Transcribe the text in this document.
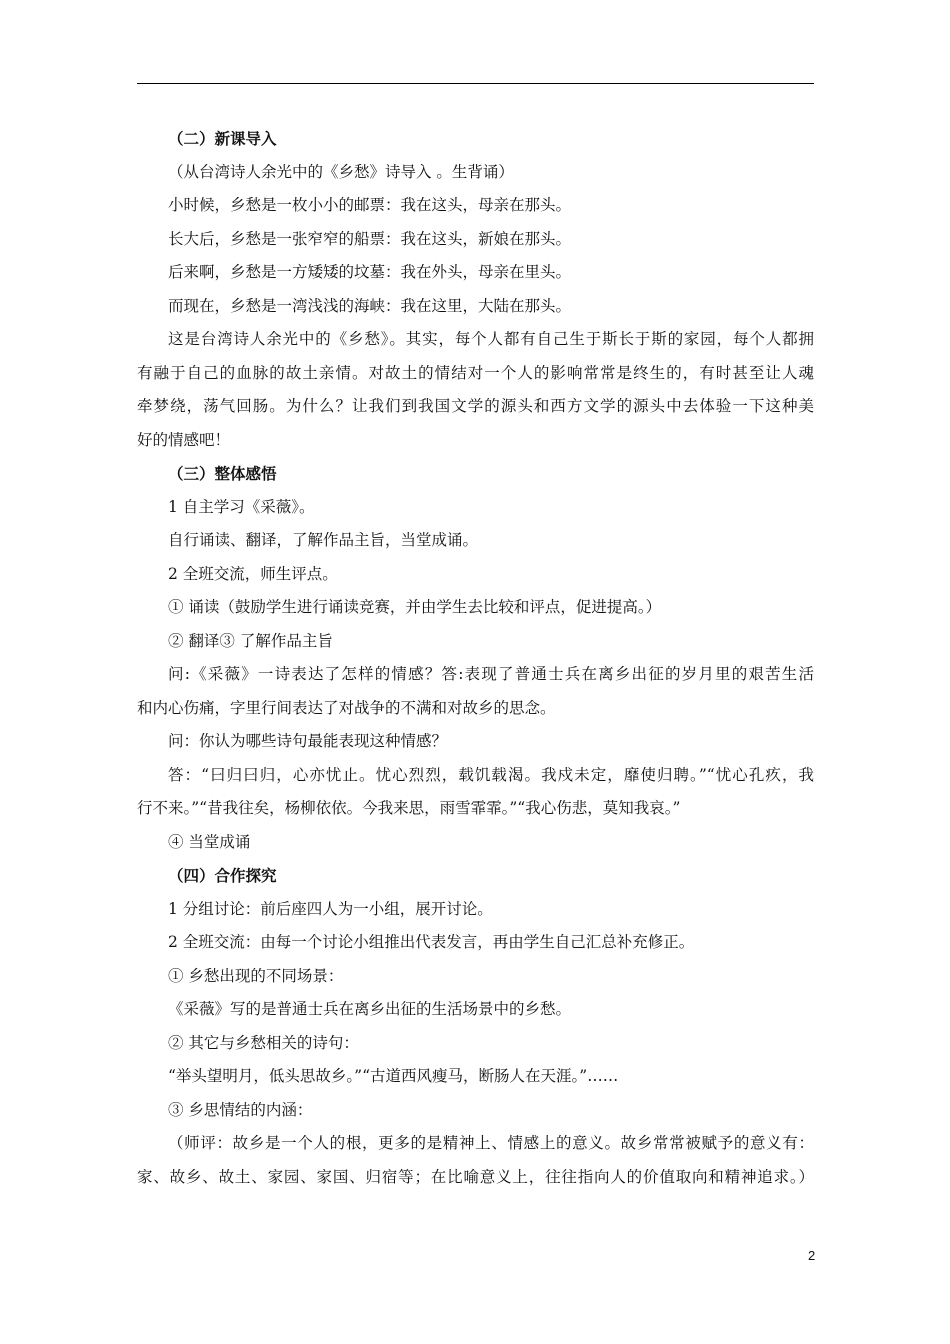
（二）新课导入
（从台湾诗人余光中的《乡愁》诗导入 。生背诵）
小时候，乡愁是一枚小小的邮票：我在这头，母亲在那头。
长大后，乡愁是一张窄窄的船票：我在这头，新娘在那头。
后来啊，乡愁是一方矮矮的坟墓：我在外头，母亲在里头。
而现在，乡愁是一湾浅浅的海峡：我在这里，大陆在那头。
这是台湾诗人余光中的《乡愁》。其实，每个人都有自己生于斯长于斯的家园，每个人都拥
有融于自己的血脉的故土亲情。对故土的情结对一个人的影响常常是终生的，有时甚至让人魂
牵梦绕，荡气回肠。为什么？让我们到我国文学的源头和西方文学的源头中去体验一下这种美
好的情感吧！
（三）整体感悟
1 自主学习《采薇》。
自行诵读、翻译，了解作品主旨，当堂成诵。
2 全班交流，师生评点。
① 诵读（鼓励学生进行诵读竞赛，并由学生去比较和评点，促进提高。）
② 翻译③ 了解作品主旨
问:《采薇》一诗表达了怎样的情感？答:表现了普通士兵在离乡出征的岁月里的艰苦生活
和内心伤痛，字里行间表达了对战争的不满和对故乡的思念。
问：你认为哪些诗句最能表现这种情感？
答：“曰归曰归，心亦忧止。忧心烈烈，载饥载渴。我戍未定，靡使归聘。”“忧心孔疚，我
行不来。”“昔我往矣，杨柳依依。今我来思，雨雪霏霏。”“我心伤悲，莫知我哀。”
④ 当堂成诵
（四）合作探究
1 分组讨论：前后座四人为一小组，展开讨论。
2 全班交流：由每一个讨论小组推出代表发言，再由学生自己汇总补充修正。
① 乡愁出现的不同场景：
《采薇》写的是普通士兵在离乡出征的生活场景中的乡愁。
② 其它与乡愁相关的诗句：
“举头望明月，低头思故乡。”“古道西风瘦马，断肠人在天涯。”……
③ 乡思情结的内涵：
（师评：故乡是一个人的根，更多的是精神上、情感上的意义。故乡常常被赋予的意义有：
家、故乡、故土、家园、家国、归宿等；在比喻意义上，往往指向人的价值取向和精神追求。）
2
